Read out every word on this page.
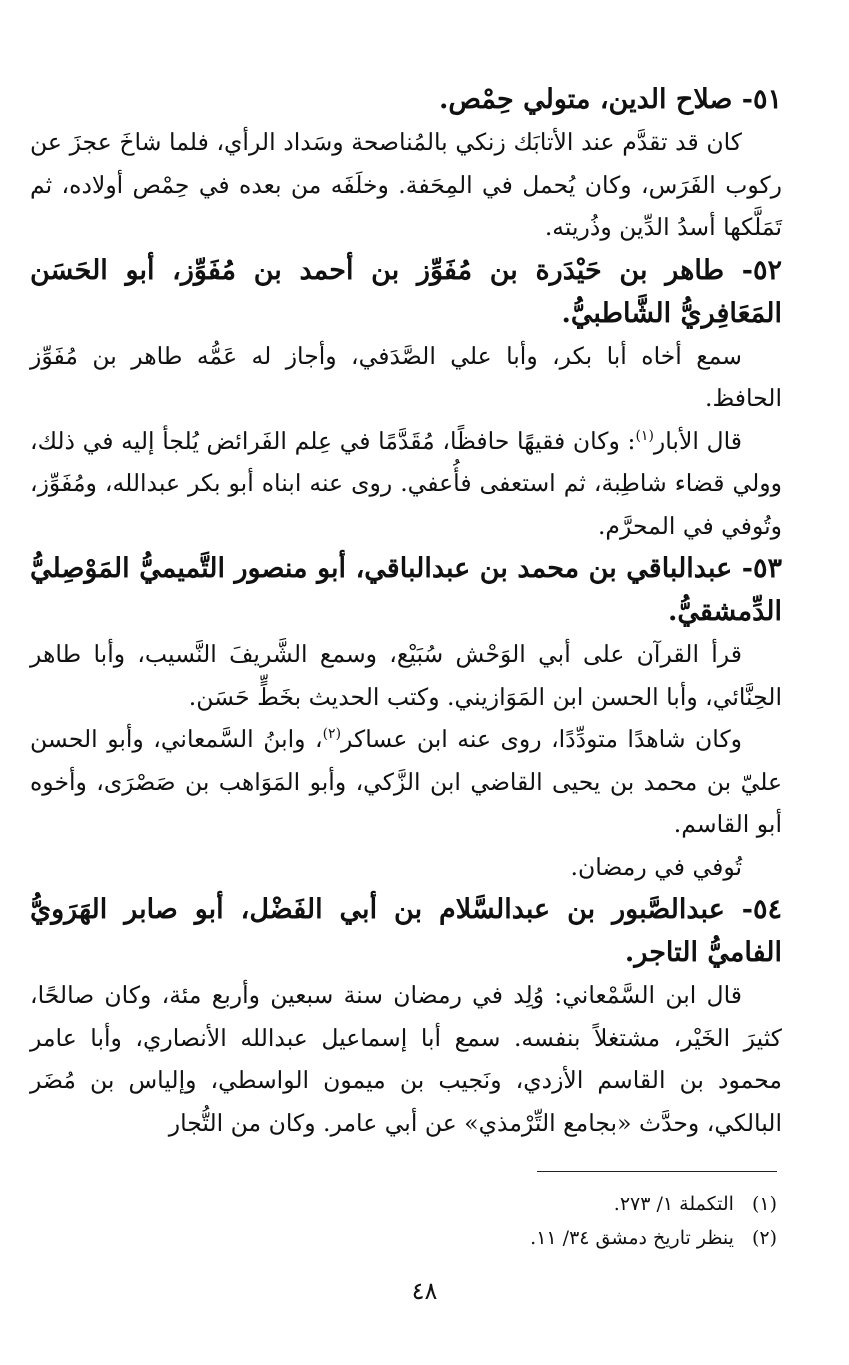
٥١- صلاح الدين، متولي حِمْص.

كان قد تقدَّم عند الأتابَك زنكي بالمُناصحة وسَداد الرأي، فلما شاخَ عجزَ عن ركوب الفَرَس، وكان يُحمل في المِحَفة. وخلَفَه من بعده في حِمْص أولاده، ثم تَمَلَّكها أسدُ الدِّين وذُريته.

٥٢- طاهر بن حَيْدَرة بن مُفَوِّز بن أحمد بن مُفَوِّز، أبو الحَسَن المَعَافِريُّ الشَّاطبيُّ.

سمع أخاه أبا بكر، وأبا علي الصَّدَفي، وأجاز له عَمُّه طاهر بن مُفَوِّز الحافظ.

قال الأبار$^{(١)}$: وكان فقيهًا حافظًا، مُقَدَّمًا في عِلم الفَرائض يُلجأ إليه في ذلك، وولي قضاء شاطِبة، ثم استعفى فأُعفي. روى عنه ابناه أبو بكر عبدالله، ومُفَوِّز، وتُوفي في المحرَّم.

٥٣- عبدالباقي بن محمد بن عبدالباقي، أبو منصور التَّميميُّ المَوْصِليُّ الدِّمشقيُّ.

قرأ القرآن على أبي الوَحْش سُبَيْع، وسمع الشَّريفَ النَّسيب، وأبا طاهر الحِنَّائي، وأبا الحسن ابن المَوَازيني. وكتب الحديث بخَطٍّ حَسَن.

وكان شاهدًا متودِّدًا، روى عنه ابن عساكر$^{(٢)}$، وابنُ السَّمعاني، وأبو الحسن عليّ بن محمد بن يحيى القاضي ابن الزَّكي، وأبو المَوَاهب بن صَصْرَى، وأخوه أبو القاسم.

تُوفي في رمضان.

٥٤- عبدالصَّبور بن عبدالسَّلام بن أبي الفَضْل، أبو صابر الهَرَويُّ الفاميُّ التاجر.

قال ابن السَّمْعاني: وُلِد في رمضان سنة سبعين وأربع مئة، وكان صالحًا، كثيرَ الخَيْر، مشتغلاً بنفسه. سمع أبا إسماعيل عبدالله الأنصاري، وأبا عامر محمود بن القاسم الأزدي، ونَجيب بن ميمون الواسطي، وإلياس بن مُضَر البالكي، وحدَّث «بجامع التِّرْمذي» عن أبي عامر. وكان من التُّجار

(١)التكملة ١/ ٢٧٣.
(٢)ينظر تاريخ دمشق ٣٤/ ١١.
٤٨
